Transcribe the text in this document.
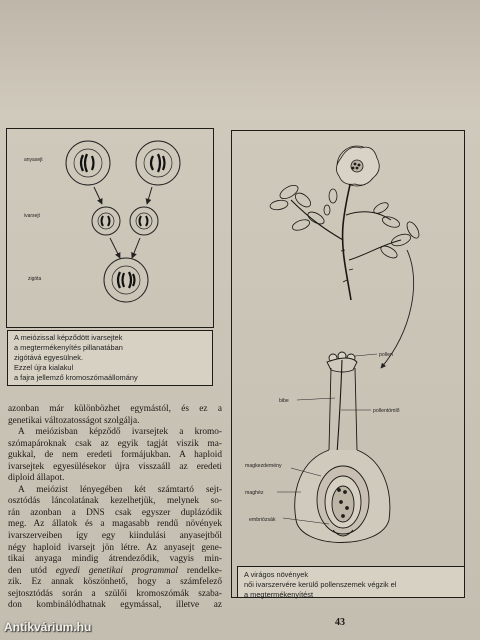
anyasejt
ivarsejt
zigóta
A meiózissal képződött ivarsejtek
a megtermékenyítés pillanatában
zigótává egyesülnek.
Ezzel újra kialakul
a fajra jellemző kromoszómaállomány
pollen
bibe
pollentömlő
magkezdemény
maghéz
embriózsák
A virágos növények
női ivarszervére kerülő pollenszemek végzik el
a megtermékenyítést

azonban már különbözhet egymástól, és ez a
genetikai változatosságot szolgálja.

A meiózisban képződő ivarsejtek a kromo-
szómapároknak csak az egyik tagját viszik ma-
gukkal, de nem eredeti formájukban. A haploid
ivarsejtek egyesülésekor újra visszaáll az eredeti
diploid állapot.

A meiózist lényegében két számtartó sejt-
osztódás láncolatának kezelhetjük, melynek so-
rán azonban a DNS csak egyszer duplázódik
meg. Az állatok és a magasabb rendű növények
ivarszerveiben így egy kiindulási anyasejtből
négy haploid ivarsejt jön létre. Az anyasejt gene-
tikai anyaga mindig átrendeződik, vagyis min-
den utód egyedi genetikai programmal rendelke-
zik. Ez annak köszönhető, hogy a számfelező
sejtosztódás során a szülői kromoszómák szaba-
don kombinálódhatnak egymással, illetve az

43
Antikvárium.hu
